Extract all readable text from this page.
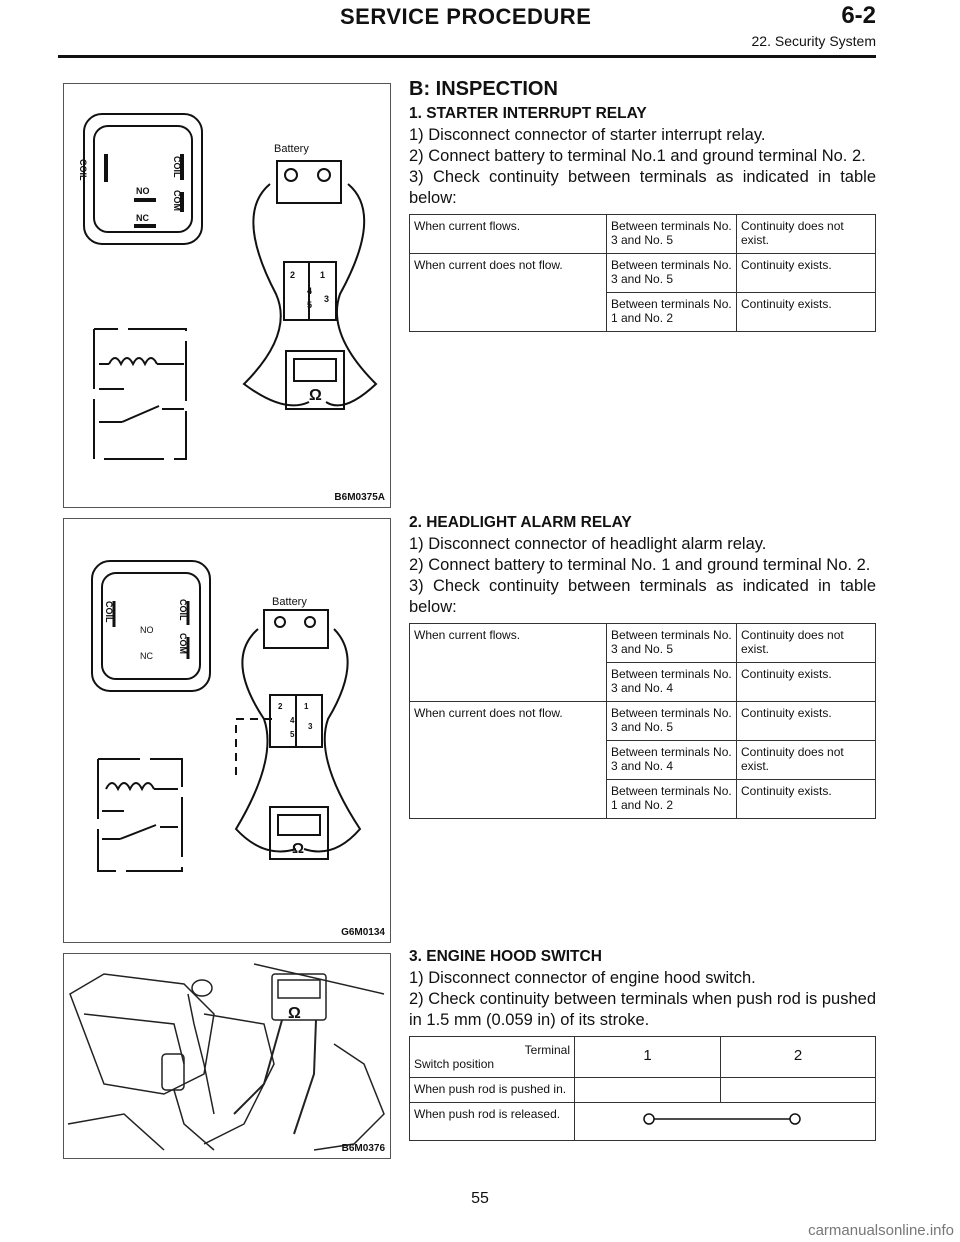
SERVICE PROCEDURE	6-2
22. Security System
Battery
COIL	COIL
COM
NO
NC
2	1
4
5
3
Ω
B6M0375A
Battery
COIL	COIL
COM
NO
NC
2	1
4
5
3
Ω
G6M0134
Ω
B6M0376
B: INSPECTION
1. STARTER INTERRUPT RELAY

1) Disconnect connector of starter interrupt relay.

2) Connect battery to terminal No.1 and ground terminal No. 2.

3) Check continuity between terminals as indicated in table below:

When current flows.	Between terminals No. 3 and No. 5	Continuity does not exist.
When current does not flow.	Between terminals No. 3 and No. 5	Continuity exists.
	Between terminals No. 1 and No. 2	Continuity exists.
2. HEADLIGHT ALARM RELAY

1) Disconnect connector of headlight alarm relay.

2) Connect battery to terminal No. 1 and ground terminal No. 2.

3) Check continuity between terminals as indicated in table below:

When current flows.	Between terminals No. 3 and No. 5	Continuity does not exist.
	Between terminals No. 3 and No. 4	Continuity exists.
When current does not flow.	Between terminals No. 3 and No. 5	Continuity exists.
	Between terminals No. 3 and No. 4	Continuity does not exist.
	Between terminals No. 1 and No. 2	Continuity exists.
3. ENGINE HOOD SWITCH

1) Disconnect connector of engine hood switch.

2) Check continuity between terminals when push rod is pushed in 1.5 mm (0.059 in) of its stroke.

Terminal
Switch position	1	2
When push rod is pushed in.		
When push rod is released.	
55
carmanualsonline.info
